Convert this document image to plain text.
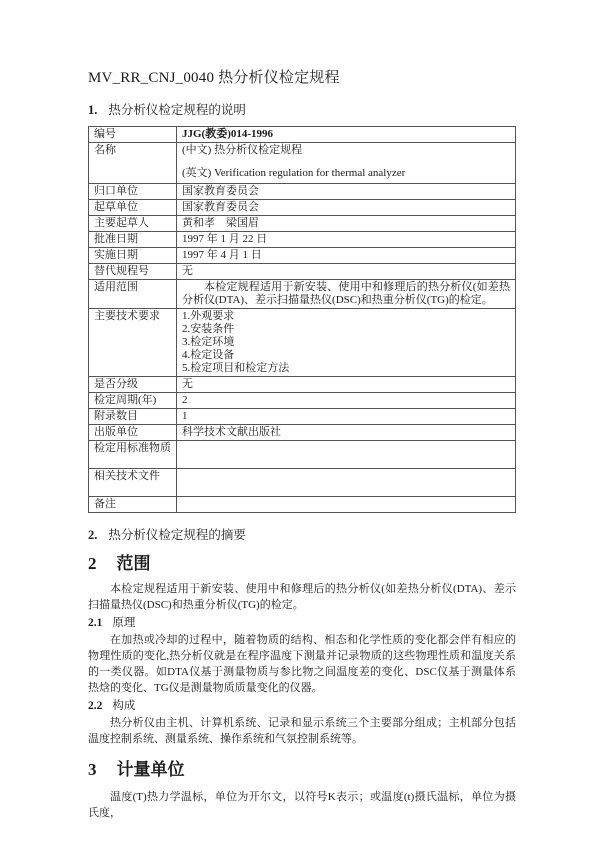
MV_RR_CNJ_0040 热分析仪检定规程
1. 热分析仪检定规程的说明
编号	JJG(教委)014-1996
名称	(中文) 热分析仪检定规程
(英文) Verification regulation for thermal analyzer

归口单位	国家教育委员会
起草单位	国家教育委员会
主要起草人	黄和孝　梁国眉
批准日期	1997 年 1 月 22 日
实施日期	1997 年 4 月 1 日
替代规程号	无
适用范围	本检定规程适用于新安装、使用中和修理后的热分析仪(如差热分析仪(DTA)、差示扫描量热仪(DSC)和热重分析仪(TG)的检定。
主要技术要求	1.外观要求
2.安装条件
3.检定环境
4.检定设备
5.检定项目和检定方法

是否分级	无
检定周期(年)	2
附录数目	1
出版单位	科学技术文献出版社
检定用标准物质	
相关技术文件	
备注	
2. 热分析仪检定规程的摘要
2 范围

本检定规程适用于新安装、使用中和修理后的热分析仪(如差热分析仪(DTA)、差示扫描量热仪(DSC)和热重分析仪(TG)的检定。

2.1 原理

在加热或冷却的过程中，随着物质的结构、相态和化学性质的变化都会伴有相应的物理性质的变化,热分析仪就是在程序温度下测量并记录物质的这些物理性质和温度关系的一类仪器。如DTA仪基于测量物质与参比物之间温度差的变化、DSC仪基于测量体系热焓的变化、TG仪是测量物质质量变化的仪器。

2.2 构成

热分析仪由主机、计算机系统、记录和显示系统三个主要部分组成；主机部分包括温度控制系统、测量系统、操作系统和气氛控制系统等。

3 计量单位

温度(T)热力学温标，单位为开尔文，以符号K表示；或温度(t)摄氏温标，单位为摄氏度，
